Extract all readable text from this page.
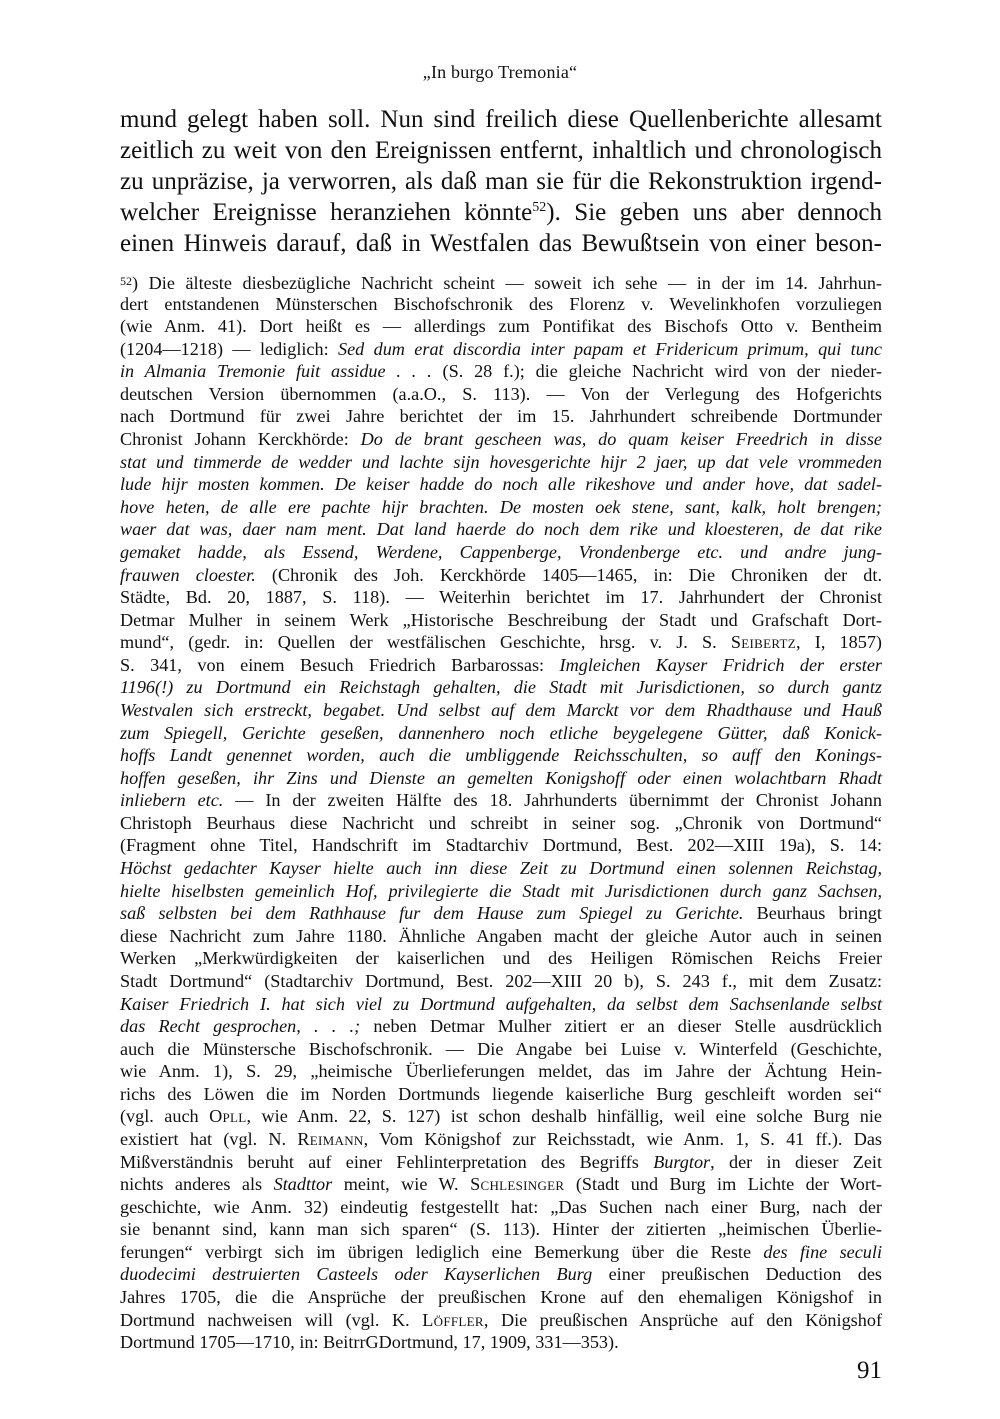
„In burgo Tremonia“
mund gelegt haben soll. Nun sind freilich diese Quellenberichte allesamt
zeitlich zu weit von den Ereignissen entfernt, inhaltlich und chronologisch
zu unpräzise, ja verworren, als daß man sie für die Rekonstruktion irgend-
welcher Ereignisse heranziehen könnte$^{52}$). Sie geben uns aber dennoch
einen Hinweis darauf, daß in Westfalen das Bewußtsein von einer beson-
$^{52}$) Die älteste diesbezügliche Nachricht scheint — soweit ich sehe — in der im 14. Jahrhun-
dert entstandenen Münsterschen Bischofschronik des Florenz v. Wevelinkhofen vorzuliegen
(wie Anm. 41). Dort heißt es — allerdings zum Pontifikat des Bischofs Otto v. Bentheim
(1204—1218) — lediglich: Sed dum erat discordia inter papam et Fridericum primum, qui tunc
in Almania Tremonie fuit assidue . . . (S. 28 f.); die gleiche Nachricht wird von der nieder-
deutschen Version übernommen (a.a.O., S. 113). — Von der Verlegung des Hofgerichts
nach Dortmund für zwei Jahre berichtet der im 15. Jahrhundert schreibende Dortmunder
Chronist Johann Kerckhörde: Do de brant gescheen was, do quam keiser Freedrich in disse
stat und timmerde de wedder und lachte sijn hovesgerichte hijr 2 jaer, up dat vele vrommeden
lude hijr mosten kommen. De keiser hadde do noch alle rikeshove und ander hove, dat sadel-
hove heten, de alle ere pachte hijr brachten. De mosten oek stene, sant, kalk, holt brengen;
waer dat was, daer nam ment. Dat land haerde do noch dem rike und kloesteren, de dat rike
gemaket hadde, als Essend, Werdene, Cappenberge, Vrondenberge etc. und andre jung-
frauwen cloester. (Chronik des Joh. Kerckhörde 1405—1465, in: Die Chroniken der dt.
Städte, Bd. 20, 1887, S. 118). — Weiterhin berichtet im 17. Jahrhundert der Chronist
Detmar Mulher in seinem Werk „Historische Beschreibung der Stadt und Grafschaft Dort-
mund“, (gedr. in: Quellen der westfälischen Geschichte, hrsg. v. J. S. Seibertz, I, 1857)
S. 341, von einem Besuch Friedrich Barbarossas: Imgleichen Kayser Fridrich der erster
1196(!) zu Dortmund ein Reichstagh gehalten, die Stadt mit Jurisdictionen, so durch gantz
Westvalen sich erstreckt, begabet. Und selbst auf dem Marckt vor dem Rhadthause und Hauß
zum Spiegell, Gerichte geseßen, dannenhero noch etliche beygelegene Gütter, daß Konick-
hoffs Landt genennet worden, auch die umbliggende Reichsschulten, so auff den Konings-
hoffen geseßen, ihr Zins und Dienste an gemelten Konigshoff oder einen wolachtbarn Rhadt
inliebern etc. — In der zweiten Hälfte des 18. Jahrhunderts übernimmt der Chronist Johann
Christoph Beurhaus diese Nachricht und schreibt in seiner sog. „Chronik von Dortmund“
(Fragment ohne Titel, Handschrift im Stadtarchiv Dortmund, Best. 202—XIII 19a), S. 14:
Höchst gedachter Kayser hielte auch inn diese Zeit zu Dortmund einen solennen Reichstag,
hielte hiselbsten gemeinlich Hof, privilegierte die Stadt mit Jurisdictionen durch ganz Sachsen,
saß selbsten bei dem Rathhause fur dem Hause zum Spiegel zu Gerichte. Beurhaus bringt
diese Nachricht zum Jahre 1180. Ähnliche Angaben macht der gleiche Autor auch in seinen
Werken „Merkwürdigkeiten der kaiserlichen und des Heiligen Römischen Reichs Freier
Stadt Dortmund“ (Stadtarchiv Dortmund, Best. 202—XIII 20 b), S. 243 f., mit dem Zusatz:
Kaiser Friedrich I. hat sich viel zu Dortmund aufgehalten, da selbst dem Sachsenlande selbst
das Recht gesprochen, . . .; neben Detmar Mulher zitiert er an dieser Stelle ausdrücklich
auch die Münstersche Bischofschronik. — Die Angabe bei Luise v. Winterfeld (Geschichte,
wie Anm. 1), S. 29, „heimische Überlieferungen meldet, das im Jahre der Ächtung Hein-
richs des Löwen die im Norden Dortmunds liegende kaiserliche Burg geschleift worden sei“
(vgl. auch Opll, wie Anm. 22, S. 127) ist schon deshalb hinfällig, weil eine solche Burg nie
existiert hat (vgl. N. Reimann, Vom Königshof zur Reichsstadt, wie Anm. 1, S. 41 ff.). Das
Mißverständnis beruht auf einer Fehlinterpretation des Begriffs Burgtor, der in dieser Zeit
nichts anderes als Stadttor meint, wie W. Schlesinger (Stadt und Burg im Lichte der Wort-
geschichte, wie Anm. 32) eindeutig festgestellt hat: „Das Suchen nach einer Burg, nach der
sie benannt sind, kann man sich sparen“ (S. 113). Hinter der zitierten „heimischen Überlie-
ferungen“ verbirgt sich im übrigen lediglich eine Bemerkung über die Reste des fine seculi
duodecimi destruierten Casteels oder Kayserlichen Burg einer preußischen Deduction des
Jahres 1705, die die Ansprüche der preußischen Krone auf den ehemaligen Königshof in
Dortmund nachweisen will (vgl. K. Löffler, Die preußischen Ansprüche auf den Königshof
Dortmund 1705—1710, in: BeitrrGDortmund, 17, 1909, 331—353).
91
